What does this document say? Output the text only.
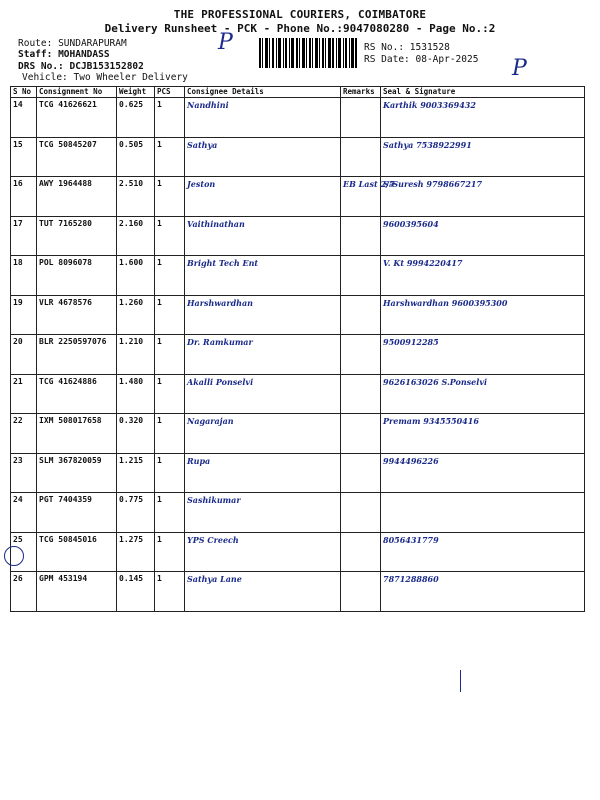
THE PROFESSIONAL COURIERS, COIMBATORE
Delivery Runsheet - PCK - Phone No.:9047080280 - Page No.:2
Route: SUNDARAPURAM
Staff: MOHANDASS
DRS No.: DCJB153152802
Vehicle: Two Wheeler Delivery
RS No.: 1531528
RS Date: 08-Apr-2025
P
P
S No	Consignment No	Weight	PCS	Consignee Details	Remarks	Seal & Signature
14	TCG 41626621	0.625	1	Nandhini		Karthik 9003369432
15	TCG 50845207	0.505	1	Sathya		Sathya 7538922991
16	AWY 1964488	2.510	1	Jeston	EB Last 2/5	S-Suresh 9798667217
17	TUT 7165280	2.160	1	Vaithinathan		9600395604
18	POL 8096078	1.600	1	Bright Tech Ent		V. Kt 9994220417
19	VLR 4678576	1.260	1	Harshwardhan		Harshwardhan 9600395300
20	BLR 2250597076	1.210	1	Dr. Ramkumar		9500912285
21	TCG 41624886	1.480	1	Akalli Ponselvi		9626163026 S.Ponselvi
22	IXM 508017658	0.320	1	Nagarajan		Premam 9345550416
23	SLM 367820059	1.215	1	Rupa		9944496226
24	PGT 7404359	0.775	1	Sashikumar		
25	TCG 50845016	1.275	1	YPS Creech		8056431779
26	GPM 453194	0.145	1	Sathya Lane		7871288860
